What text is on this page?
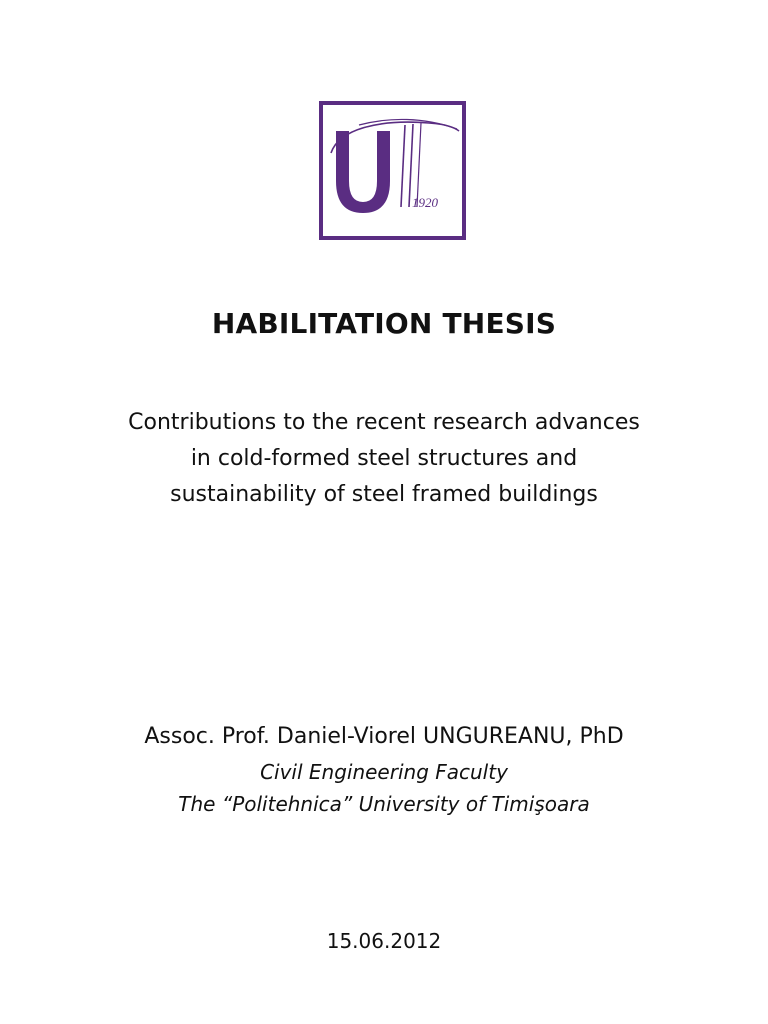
1920
HABILITATION THESIS
Contributions to the recent research advances
in cold-formed steel structures and
sustainability of steel framed buildings
Assoc. Prof. Daniel-Viorel UNGUREANU, PhD
Civil Engineering Faculty
The “Politehnica” University of Timişoara
15.06.2012
